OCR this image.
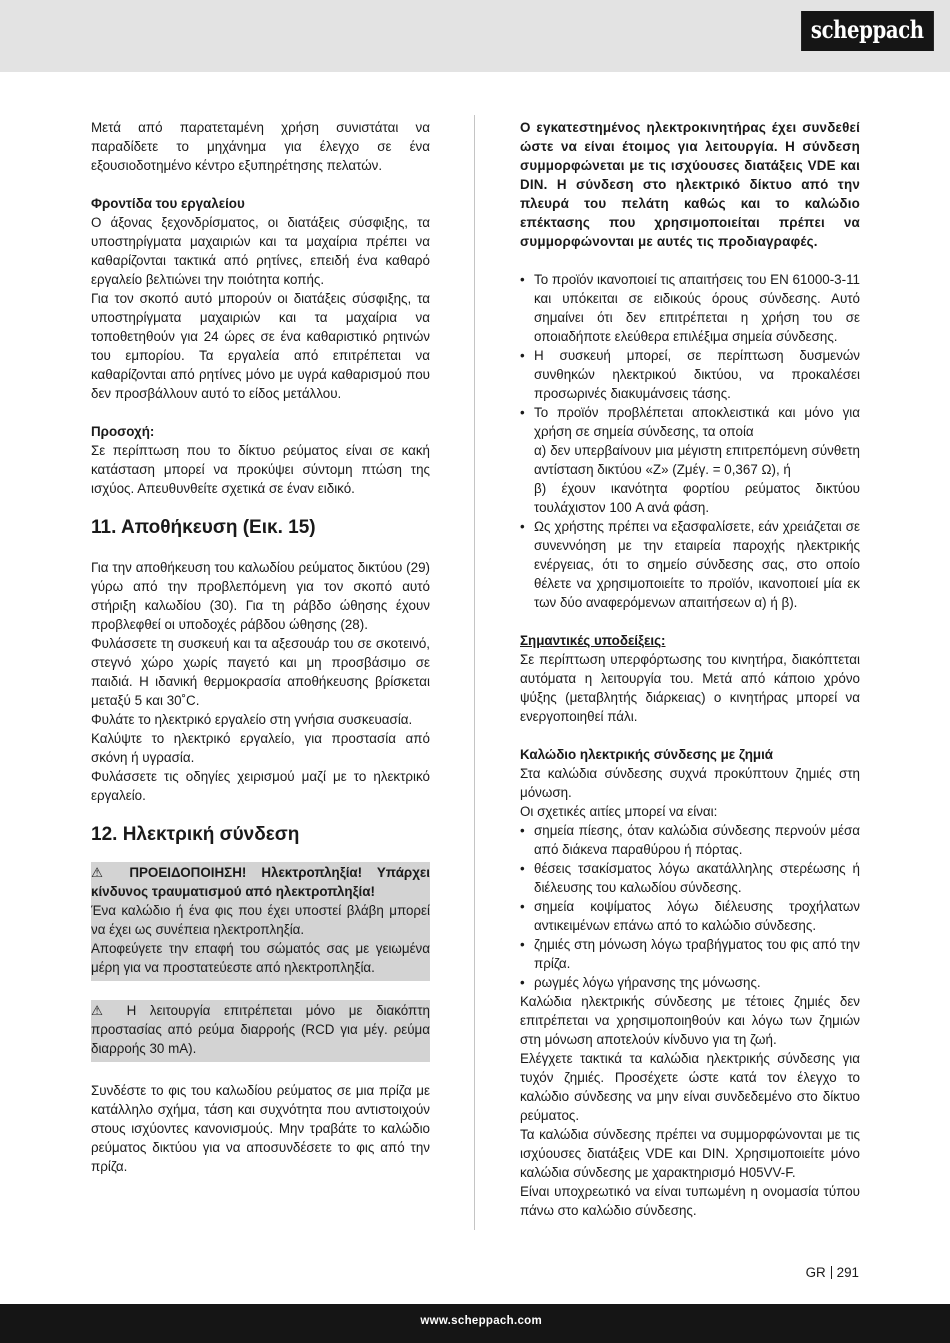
scheppach

Μετά από παρατεταμένη χρήση συνιστάται να παραδίδετε το μηχάνημα για έλεγχο σε ένα εξουσιοδοτημένο κέντρο εξυπηρέτησης πελατών.

Φροντίδα του εργαλείου

Ο άξονας ξεχονδρίσματος, οι διατάξεις σύσφιξης, τα υποστηρίγματα μαχαιριών και τα μαχαίρια πρέπει να καθαρίζονται τακτικά από ρητίνες, επειδή ένα καθαρό εργαλείο βελτιώνει την ποιότητα κοπής.

Για τον σκοπό αυτό μπορούν οι διατάξεις σύσφιξης, τα υποστηρίγματα μαχαιριών και τα μαχαίρια να τοποθετηθούν για 24 ώρες σε ένα καθαριστικό ρητινών του εμπορίου. Τα εργαλεία από επιτρέπεται να καθαρίζονται από ρητίνες μόνο με υγρά καθαρισμού που δεν προσβάλλουν αυτό το είδος μετάλλου.

Προσοχή:

Σε περίπτωση που το δίκτυο ρεύματος είναι σε κακή κατάσταση μπορεί να προκύψει σύντομη πτώση της ισχύος. Απευθυνθείτε σχετικά σε έναν ειδικό.

11. Αποθήκευση (Εικ. 15)

Για την αποθήκευση του καλωδίου ρεύματος δικτύου (29) γύρω από την προβλεπόμενη για τον σκοπό αυτό στήριξη καλωδίου (30). Για τη ράβδο ώθησης έχουν προβλεφθεί οι υποδοχές ράβδου ώθησης (28).

Φυλάσσετε τη συσκευή και τα αξεσουάρ του σε σκοτεινό, στεγνό χώρο χωρίς παγετό και μη προσβάσιμο σε παιδιά. Η ιδανική θερμοκρασία αποθήκευσης βρίσκεται μεταξύ 5 και 30˚C.

Φυλάτε το ηλεκτρικό εργαλείο στη γνήσια συσκευασία.

Καλύψτε το ηλεκτρικό εργαλείο, για προστασία από σκόνη ή υγρασία.

Φυλάσσετε τις οδηγίες χειρισμού μαζί με το ηλεκτρικό εργαλείο.

12. Ηλεκτρική σύνδεση

⚠ ΠΡΟΕΙΔΟΠΟΙΗΣΗ! Ηλεκτροπληξία! Υπάρχει κίνδυνος τραυματισμού από ηλεκτροπληξία!

Ένα καλώδιο ή ένα φις που έχει υποστεί βλάβη μπορεί να έχει ως συνέπεια ηλεκτροπληξία.

Αποφεύγετε την επαφή του σώματός σας με γειωμένα μέρη για να προστατεύεστε από ηλεκτροπληξία.

⚠ Η λειτουργία επιτρέπεται μόνο με διακόπτη προστασίας από ρεύμα διαρροής (RCD για μέγ. ρεύμα διαρροής 30 mA).

Συνδέστε το φις του καλωδίου ρεύματος σε μια πρίζα με κατάλληλο σχήμα, τάση και συχνότητα που αντιστοιχούν στους ισχύοντες κανονισμούς. Μην τραβάτε το καλώδιο ρεύματος δικτύου για να αποσυνδέσετε το φις από την πρίζα.

Ο εγκατεστημένος ηλεκτροκινητήρας έχει συνδεθεί ώστε να είναι έτοιμος για λειτουργία. Η σύνδεση συμμορφώνεται με τις ισχύουσες διατάξεις VDE και DIN. Η σύνδεση στο ηλεκτρικό δίκτυο από την πλευρά του πελάτη καθώς και το καλώδιο επέκτασης που χρησιμοποιείται πρέπει να συμμορφώνονται με αυτές τις προδιαγραφές.

• Το προϊόν ικανοποιεί τις απαιτήσεις του EN 61000-3-11 και υπόκειται σε ειδικούς όρους σύνδεσης. Αυτό σημαίνει ότι δεν επιτρέπεται η χρήση του σε οποιαδήποτε ελεύθερα επιλέξιμα σημεία σύνδεσης.
• Η συσκευή μπορεί, σε περίπτωση δυσμενών συνθηκών ηλεκτρικού δικτύου, να προκαλέσει προσωρινές διακυμάνσεις τάσης.
• Το προϊόν προβλέπεται αποκλειστικά και μόνο για χρήση σε σημεία σύνδεσης, τα οποία
α) δεν υπερβαίνουν μια μέγιστη επιτρεπόμενη σύνθετη αντίσταση δικτύου «Z» (Zμέγ. = 0,367 Ω), ή
β) έχουν ικανότητα φορτίου ρεύματος δικτύου τουλάχιστον 100 A ανά φάση.
• Ως χρήστης πρέπει να εξασφαλίσετε, εάν χρειάζεται σε συνεννόηση με την εταιρεία παροχής ηλεκτρικής ενέργειας, ότι το σημείο σύνδεσης σας, στο οποίο θέλετε να χρησιμοποιείτε το προϊόν, ικανοποιεί μία εκ των δύο αναφερόμενων απαιτήσεων α) ή β).

Σημαντικές υποδείξεις:

Σε περίπτωση υπερφόρτωσης του κινητήρα, διακόπτεται αυτόματα η λειτουργία του. Μετά από κάποιο χρόνο ψύξης (μεταβλητής διάρκειας) ο κινητήρας μπορεί να ενεργοποιηθεί πάλι.

Καλώδιο ηλεκτρικής σύνδεσης με ζημιά

Στα καλώδια σύνδεσης συχνά προκύπτουν ζημιές στη μόνωση.

Οι σχετικές αιτίες μπορεί να είναι:

• σημεία πίεσης, όταν καλώδια σύνδεσης περνούν μέσα από διάκενα παραθύρου ή πόρτας.
• θέσεις τσακίσματος λόγω ακατάλληλης στερέωσης ή διέλευσης του καλωδίου σύνδεσης.
• σημεία κοψίματος λόγω διέλευσης τροχήλατων αντικειμένων επάνω από το καλώδιο σύνδεσης.
• ζημιές στη μόνωση λόγω τραβήγματος του φις από την πρίζα.
• ρωγμές λόγω γήρανσης της μόνωσης.

Καλώδια ηλεκτρικής σύνδεσης με τέτοιες ζημιές δεν επιτρέπεται να χρησιμοποιηθούν και λόγω των ζημιών στη μόνωση αποτελούν κίνδυνο για τη ζωή.

Ελέγχετε τακτικά τα καλώδια ηλεκτρικής σύνδεσης για τυχόν ζημιές. Προσέχετε ώστε κατά τον έλεγχο το καλώδιο σύνδεσης να μην είναι συνδεδεμένο στο δίκτυο ρεύματος.

Τα καλώδια σύνδεσης πρέπει να συμμορφώνονται με τις ισχύουσες διατάξεις VDE και DIN. Χρησιμοποιείτε μόνο καλώδια σύνδεσης με χαρακτηρισμό H05VV-F.

Είναι υποχρεωτικό να είναι τυπωμένη η ονομασία τύπου πάνω στο καλώδιο σύνδεσης.

GR 291
www.scheppach.com
